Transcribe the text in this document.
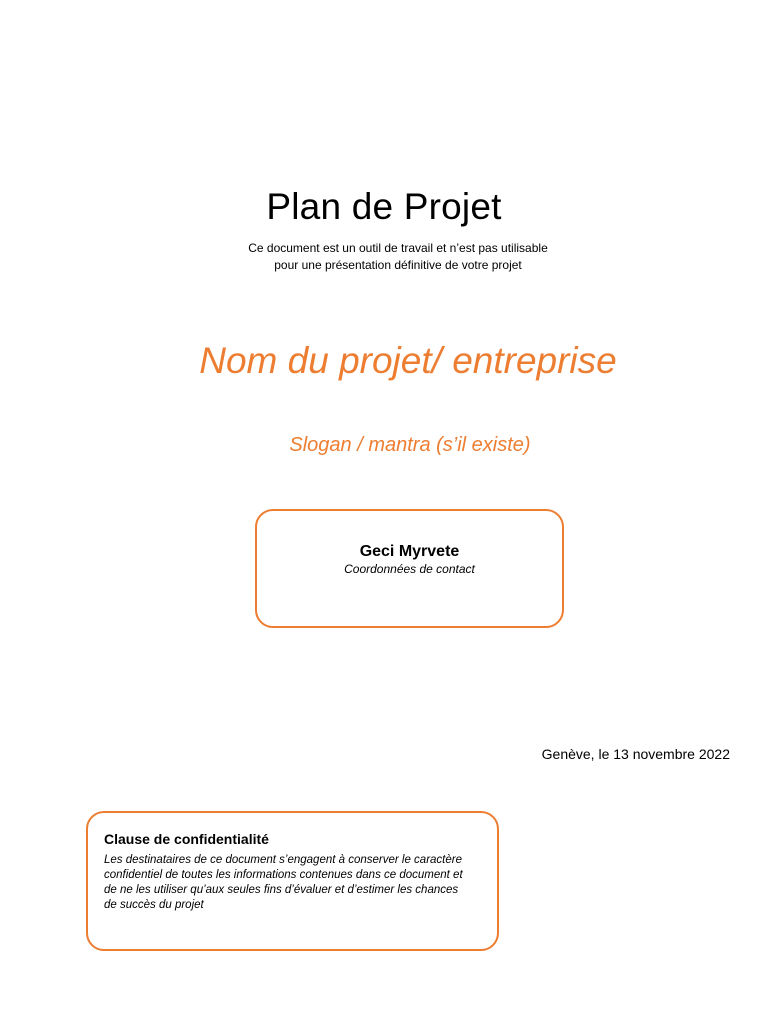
Plan de Projet
Ce document est un outil de travail et n’est pas utilisable
pour une présentation définitive de votre projet
Nom du projet/ entreprise
Slogan / mantra (s’il existe)
Geci Myrvete
Coordonnées de contact
Genève, le 13 novembre 2022
Clause de confidentialité
Les destinataires de ce document s’engagent à conserver le caractère confidentiel de toutes les informations contenues dans ce document et de ne les utiliser qu’aux seules fins d’évaluer et d’estimer les chances de succès du projet
